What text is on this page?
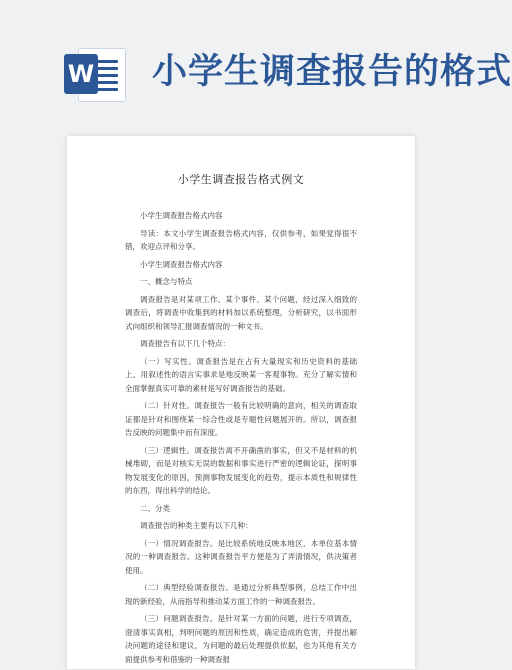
W 小学生调查报告的格式
小学生调查报告格式例文

小学生调查报告格式内容

导读：本文小学生调查报告格式内容，仅供参考，如果觉得很不错，欢迎点评和分享。

小学生调查报告格式内容

一、概念与特点

调查报告是对某项工作、某个事件、某个问题，经过深入细致的调查后，将调查中收集到的材料加以系统整理，分析研究，以书面形式向组织和领导汇报调查情况的一种文书。

调查报告有以下几个特点：

（一）写实性。调查报告是在占有大量现实和历史资料的基础上，用叙述性的语言实事求是地反映某一客观事物。充分了解实情和全面掌握真实可靠的素材是写好调查报告的基础。

（二）针对性。调查报告一般有比较明确的意向，相关的调查取证都是针对和围绕某一综合性或是专题性问题展开的。所以，调查报告反映的问题集中而有深度。

（三）逻辑性。调查报告离不开确凿的事实，但又不是材料的机械堆砌，而是对核实无误的数据和事实进行严密的逻辑论证，探明事物发展变化的原因，预测事物发展变化的趋势，提示本质性和规律性的东西，得出科学的结论。

二、分类

调查报告的种类主要有以下几种：

（一）情况调查报告。是比较系统地反映本地区、本单位基本情况的一种调查报告。这种调查报告平方便是为了弄清情况，供决策者使用。

（二）典型经验调查报告。是通过分析典型事例，总结工作中出现的新经验，从而指导和推动某方面工作的一种调查报告。

（三）问题调查报告。是针对某一方面的问题，进行专项调查，澄清事实真相，判明问题的原因和性质，确定造成的危害，并提出解决问题的途径和建议，为问题的最后处理提供依据，也为其他有关方面提供参考和借鉴的一种调查报
